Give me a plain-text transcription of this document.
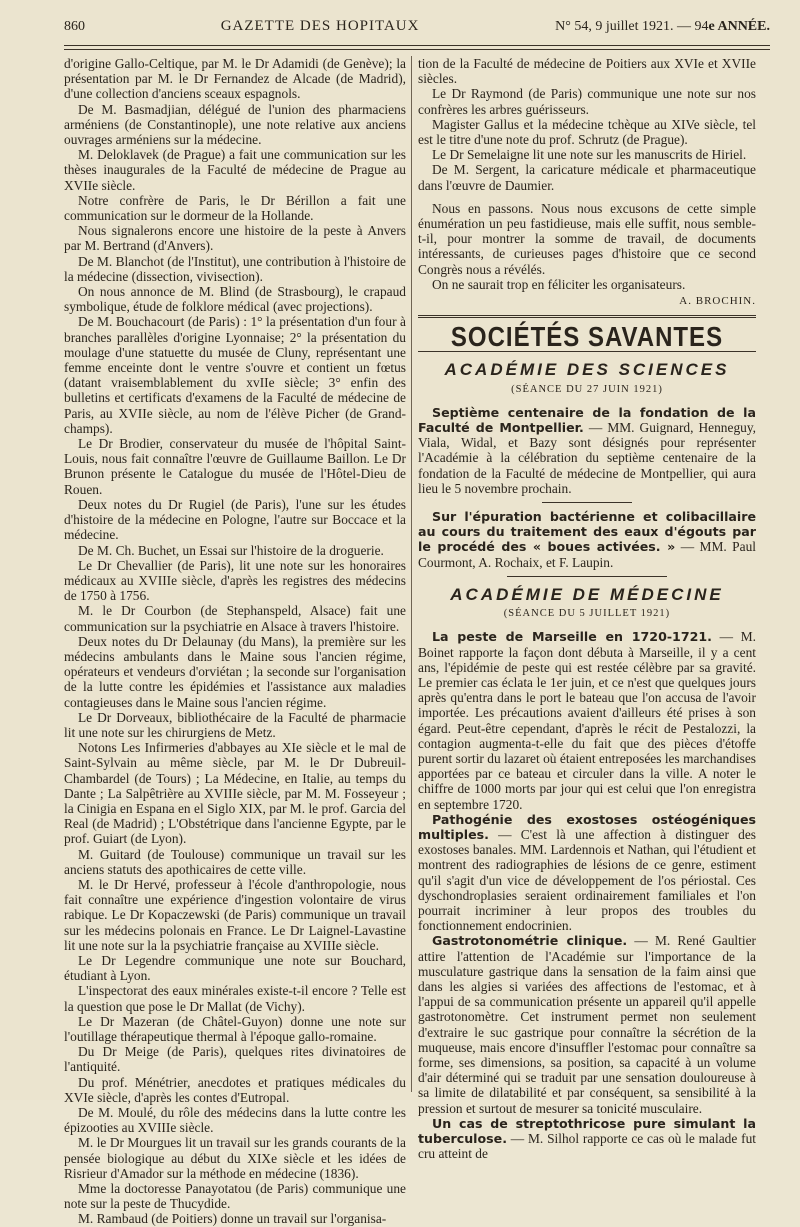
860	GAZETTE DES HOPITAUX	N° 54, 9 juillet 1921. — 94e ANNÉE.

d'origine Gallo-Celtique, par M. le Dr Adamidi (de Genève); la présentation par M. le Dr Fernandez de Alcade (de Madrid), d'une collection d'anciens sceaux espagnols.

De M. Basmadjian, délégué de l'union des pharmaciens arméniens (de Constantinople), une note relative aux anciens ouvrages arméniens sur la médecine.

M. Deloklavek (de Prague) a fait une communication sur les thèses inaugurales de la Faculté de médecine de Prague au XVIIe siècle.

Notre confrère de Paris, le Dr Bérillon a fait une communication sur le dormeur de la Hollande.

Nous signalerons encore une histoire de la peste à Anvers par M. Bertrand (d'Anvers).

De M. Blanchot (de l'Institut), une contribution à l'histoire de la médecine (dissection, vivisection).

On nous annonce de M. Blind (de Strasbourg), le crapaud symbolique, étude de folklore médical (avec projections).

De M. Bouchacourt (de Paris) : 1° la présentation d'un four à branches parallèles d'origine Lyonnaise; 2° la présentation du moulage d'une statuette du musée de Cluny, représentant une femme enceinte dont le ventre s'ouvre et contient un fœtus (datant vraisemblablement du xvIIe siècle; 3° enfin des bulletins et certificats d'examens de la Faculté de médecine de Paris, au XVIIe siècle, au nom de l'élève Picher (de Grand-champs).

Le Dr Brodier, conservateur du musée de l'hôpital Saint-Louis, nous fait connaître l'œuvre de Guillaume Baillon. Le Dr Brunon présente le Catalogue du musée de l'Hôtel-Dieu de Rouen.

Deux notes du Dr Rugiel (de Paris), l'une sur les études d'histoire de la médecine en Pologne, l'autre sur Boccace et la médecine.

De M. Ch. Buchet, un Essai sur l'histoire de la droguerie.

Le Dr Chevallier (de Paris), lit une note sur les honoraires médicaux au XVIIIe siècle, d'après les registres des médecins de 1750 à 1756.

M. le Dr Courbon (de Stephanspeld, Alsace) fait une communication sur la psychiatrie en Alsace à travers l'histoire.

Deux notes du Dr Delaunay (du Mans), la première sur les médecins ambulants dans le Maine sous l'ancien régime, opérateurs et vendeurs d'orviétan ; la seconde sur l'organisation de la lutte contre les épidémies et l'assistance aux maladies contagieuses dans le Maine sous l'ancien régime.

Le Dr Dorveaux, bibliothécaire de la Faculté de pharmacie lit une note sur les chirurgiens de Metz.

Notons Les Infirmeries d'abbayes au XIe siècle et le mal de Saint-Sylvain au même siècle, par M. le Dr Dubreuil-Chambardel (de Tours) ; La Médecine, en Italie, au temps du Dante ; La Salpêtrière au XVIIIe siècle, par M. M. Fosseyeur ; la Cinigia en Espana en el Siglo XIX, par M. le prof. Garcia del Real (de Madrid) ; L'Obstétrique dans l'ancienne Egypte, par le prof. Guiart (de Lyon).

M. Guitard (de Toulouse) communique un travail sur les anciens statuts des apothicaires de cette ville.

M. le Dr Hervé, professeur à l'école d'anthropologie, nous fait connaître une expérience d'ingestion volontaire de virus rabique. Le Dr Kopaczewski (de Paris) communique un travail sur les médecins polonais en France. Le Dr Laignel-Lavastine lit une note sur la la psychiatrie française au XVIIIe siècle.

Le Dr Legendre communique une note sur Bouchard, étudiant à Lyon.

L'inspectorat des eaux minérales existe-t-il encore ? Telle est la question que pose le Dr Mallat (de Vichy).

Le Dr Mazeran (de Châtel-Guyon) donne une note sur l'outillage thérapeutique thermal à l'époque gallo-romaine.

Du Dr Meige (de Paris), quelques rites divinatoires de l'antiquité.

Du prof. Ménétrier, anecdotes et pratiques médicales du XVIe siècle, d'après les contes d'Eutropal.

De M. Moulé, du rôle des médecins dans la lutte contre les épizooties au XVIIIe siècle.

M. le Dr Mourgues lit un travail sur les grands courants de la pensée biologique au début du XIXe siècle et les idées de Risrieur d'Amador sur la méthode en médecine (1836).

Mme la doctoresse Panayotatou (de Paris) communique une note sur la peste de Thucydide.

M. Rambaud (de Poitiers) donne un travail sur l'organisa-

tion de la Faculté de médecine de Poitiers aux XVIe et XVIIe siècles.

Le Dr Raymond (de Paris) communique une note sur nos confrères les arbres guérisseurs.

Magister Gallus et la médecine tchèque au XIVe siècle, tel est le titre d'une note du prof. Schrutz (de Prague).

Le Dr Semelaigne lit une note sur les manuscrits de Hiriel.

De M. Sergent, la caricature médicale et pharmaceutique dans l'œuvre de Daumier.

Nous en passons. Nous nous excusons de cette simple énumération un peu fastidieuse, mais elle suffit, nous semble-t-il, pour montrer la somme de travail, de documents intéressants, de curieuses pages d'histoire que ce second Congrès nous a révélés.

On ne saurait trop en féliciter les organisateurs.

A. BROCHIN.
SOCIÉTÉS SAVANTES
ACADÉMIE DES SCIENCES
(SÉANCE DU 27 JUIN 1921)

Septième centenaire de la fondation de la Faculté de Montpellier. — MM. Guignard, Henneguy, Viala, Widal, et Bazy sont désignés pour représenter l'Académie à la célébration du septième centenaire de la fondation de la Faculté de médecine de Montpellier, qui aura lieu le 5 novembre prochain.

Sur l'épuration bactérienne et colibacillaire au cours du traitement des eaux d'égouts par le procédé des « boues activées. » — MM. Paul Courmont, A. Rochaix, et F. Laupin.

ACADÉMIE DE MÉDECINE
(SÉANCE DU 5 JUILLET 1921)

La peste de Marseille en 1720-1721. — M. Boinet rapporte la façon dont débuta à Marseille, il y a cent ans, l'épidémie de peste qui est restée célèbre par sa gravité. Le premier cas éclata le 1er juin, et ce n'est que quelques jours après qu'entra dans le port le bateau que l'on accusa de l'avoir importée. Les précautions avaient d'ailleurs été prises à son égard. Peut-être cependant, d'après le récit de Pestalozzi, la contagion augmenta-t-elle du fait que des pièces d'étoffe purent sortir du lazaret où étaient entreposées les marchandises apportées par ce bateau et circuler dans la ville. A noter le chiffre de 1000 morts par jour qui est celui que l'on enregistra en septembre 1720.

Pathogénie des exostoses ostéogéniques multiples. — C'est là une affection à distinguer des exostoses banales. MM. Lardennois et Nathan, qui l'étudient et montrent des radiographies de lésions de ce genre, estiment qu'il s'agit d'un vice de développement de l'os périostal. Ces dyschondroplasies seraient ordinairement familiales et l'on pourrait incriminer à leur propos des troubles du fonctionnement endocrinien.

Gastrotonométrie clinique. — M. René Gaultier attire l'attention de l'Académie sur l'importance de la musculature gastrique dans la sensation de la faim ainsi que dans les algies si variées des affections de l'estomac, et à l'appui de sa communication présente un appareil qu'il appelle gastrotonomètre. Cet instrument permet non seulement d'extraire le suc gastrique pour connaître la sécrétion de la muqueuse, mais encore d'insuffler l'estomac pour connaître sa forme, ses dimensions, sa position, sa capacité à un volume d'air déterminé qui se traduit par une sensation douloureuse à sa limite de dilatabilité et par conséquent, sa sensibilité à la pression et surtout de mesurer sa tonicité musculaire.

Un cas de streptothricose pure simulant la tuberculose. — M. Silhol rapporte ce cas où le malade fut cru atteint de
